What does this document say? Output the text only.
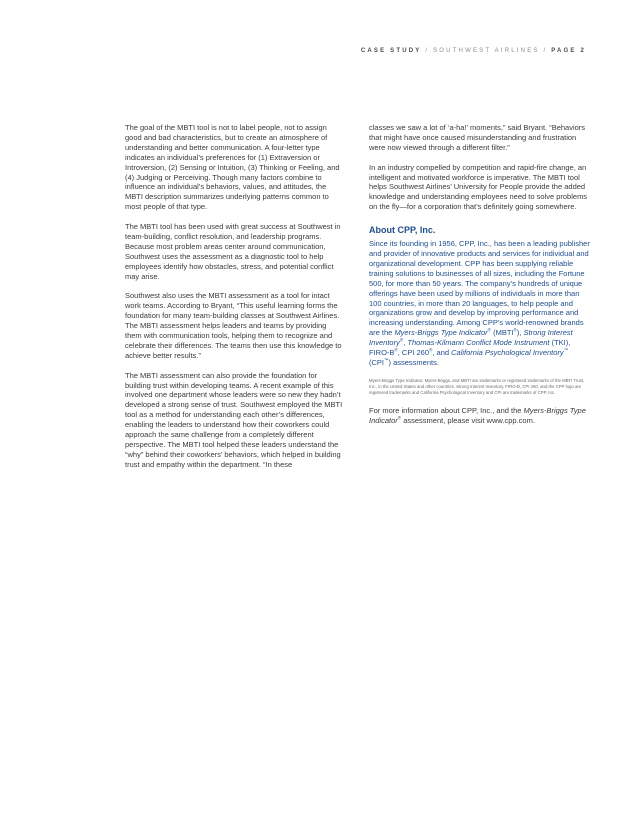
CASE STUDY / SOUTHWEST AIRLINES / PAGE 2

The goal of the MBTI tool is not to label people, not to assign good and bad characteristics, but to create an atmosphere of understanding and better communication. A four-letter type indicates an individual’s preferences for (1) Extraversion or Introversion, (2) Sensing or Intuition, (3) Thinking or Feeling, and (4) Judging or Perceiving. Though many factors combine to influence an individual’s behaviors, values, and attitudes, the MBTI description summarizes underlying patterns common to most people of that type.

The MBTI tool has been used with great success at Southwest in team-building, conflict resolution, and leadership programs. Because most problem areas center around communication, Southwest uses the assessment as a diagnostic tool to help employees identify how obstacles, stress, and potential conflict may arise.

Southwest also uses the MBTI assessment as a tool for intact work teams. According to Bryant, “This useful learning forms the foundation for many team-building classes at Southwest Airlines. The MBTI assessment helps leaders and teams by providing them with communication tools, helping them to recognize and celebrate their differences. The teams then use this knowledge to achieve better results.”

The MBTI assessment can also provide the foundation for building trust within developing teams. A recent example of this involved one department whose leaders were so new they hadn’t developed a strong sense of trust. Southwest employed the MBTI tool as a method for understanding each other’s differences, enabling the leaders to understand how their coworkers could approach the same challenge from a completely different perspective. The MBTI tool helped these leaders understand the “why” behind their coworkers’ behaviors, which helped in building trust and empathy within the department. “In these

classes we saw a lot of ‘a-ha!’ moments,” said Bryant. “Behaviors that might have once caused misunderstanding and frustration were now viewed through a different filter.”

In an industry compelled by competition and rapid-fire change, an intelligent and motivated workforce is imperative. The MBTI tool helps Southwest Airlines’ University for People provide the added knowledge and understanding employees need to solve problems on the fly—for a corporation that’s definitely going somewhere.

About CPP, Inc.

Since its founding in 1956, CPP, Inc., has been a leading publisher and provider of innovative products and services for individual and organizational development. CPP has been supplying reliable training solutions to businesses of all sizes, including the Fortune 500, for more than 50 years. The company’s hundreds of unique offerings have been used by millions of individuals in more than 100 countries, in more than 20 languages, to help people and organizations grow and develop by improving performance and increasing understanding. Among CPP’s world-renowned brands are the Myers-Briggs Type Indicator® (MBTI®), Strong Interest Inventory®, Thomas-Kilmann Conflict Mode Instrument (TKI), FIRO-B®, CPI 260®, and California Psychological Inventory™ (CPI™) assessments.

Myers-Briggs Type Indicator, Myers-Briggs, and MBTI are trademarks or registered trademarks of the MBTI Trust, Inc., in the United States and other countries. Strong Interest Inventory, FIRO-B, CPI 260, and the CPP logo are registered trademarks and California Psychological Inventory and CPI are trademarks of CPP, Inc.

For more information about CPP, Inc., and the Myers-Briggs Type Indicator® assessment, please visit www.cpp.com.
